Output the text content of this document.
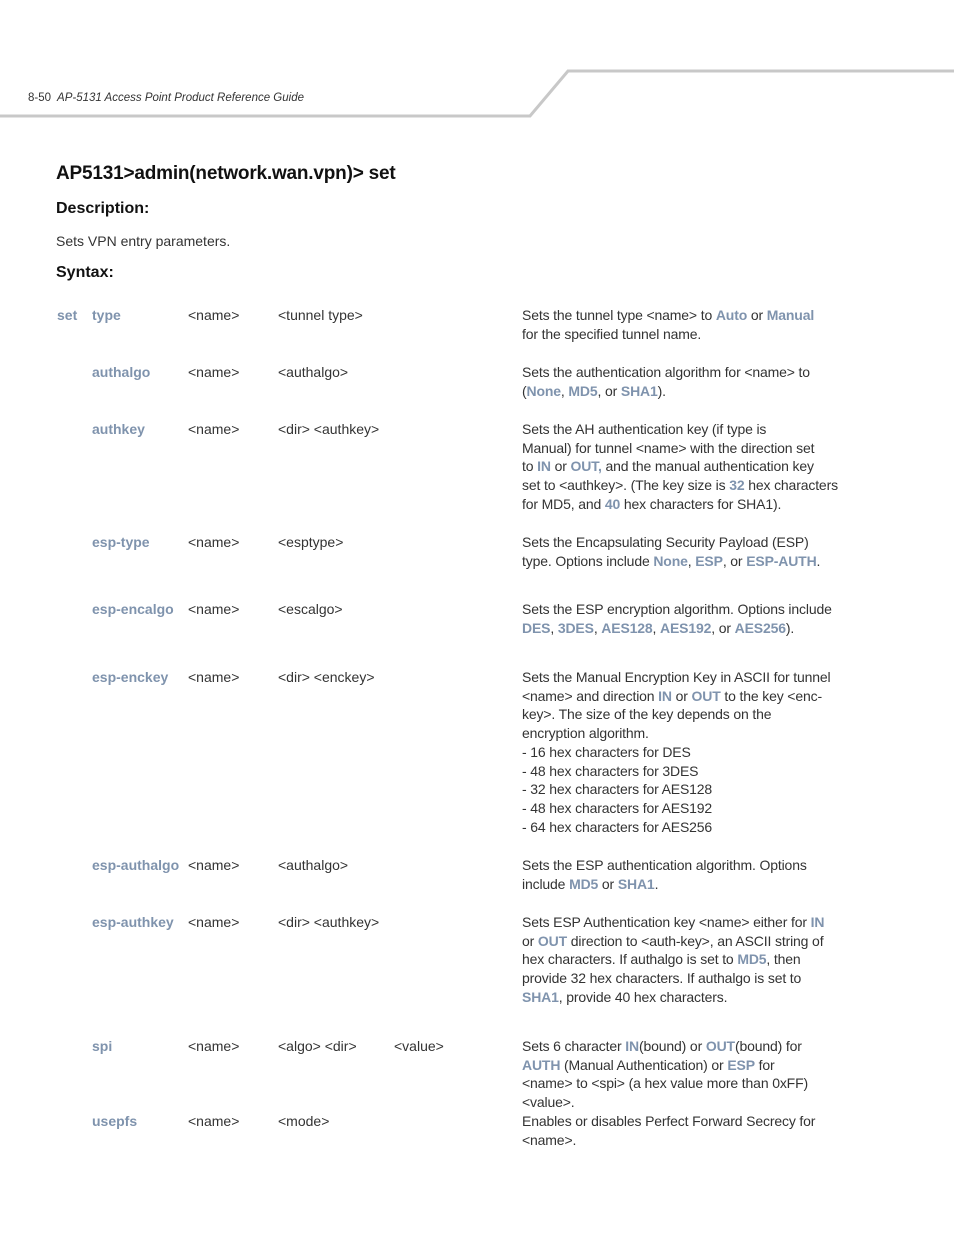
8-50 AP-5131 Access Point Product Reference Guide
AP5131>admin(network.wan.vpn)> set
Description:
Sets VPN entry parameters.
Syntax:
set type	<name>	<tunnel type>	Sets the tunnel type <name> to Auto or Manual
for the specified tunnel name.
authalgo	<name>	<authalgo>	Sets the authentication algorithm for <name> to
(None, MD5, or SHA1).
authkey	<name>	<dir> <authkey>	Sets the AH authentication key (if type is
Manual) for tunnel <name> with the direction set
to IN or OUT, and the manual authentication key
set to <authkey>. (The key size is 32 hex characters
for MD5, and 40 hex characters for SHA1).
esp-type	<name>	<esptype>	Sets the Encapsulating Security Payload (ESP)
type. Options include None, ESP, or ESP-AUTH.
esp-encalgo <name>	<escalgo>	Sets the ESP encryption algorithm. Options include
DES, 3DES, AES128, AES192, or AES256).
esp-enckey <name>	<dir> <enckey>	Sets the Manual Encryption Key in ASCII for tunnel
<name> and direction IN or OUT to the key <enc-
key>. The size of the key depends on the
encryption algorithm.
- 16 hex characters for DES
- 48 hex characters for 3DES
- 32 hex characters for AES128
- 48 hex characters for AES192
- 64 hex characters for AES256
esp-authalgo <name>	<authalgo>	Sets the ESP authentication algorithm. Options
include MD5 or SHA1.
esp-authkey <name>	<dir> <authkey>	Sets ESP Authentication key <name> either for IN
or OUT direction to <auth-key>, an ASCII string of
hex characters. If authalgo is set to MD5, then
provide 32 hex characters. If authalgo is set to
SHA1, provide 40 hex characters.
spi	<name>	<algo> <dir>	<value>	Sets 6 character IN(bound) or OUT(bound) for
AUTH (Manual Authentication) or ESP for
<name> to <spi> (a hex value more than 0xFF)
<value>.
usepfs	<name>	<mode>	Enables or disables Perfect Forward Secrecy for
<name>.
